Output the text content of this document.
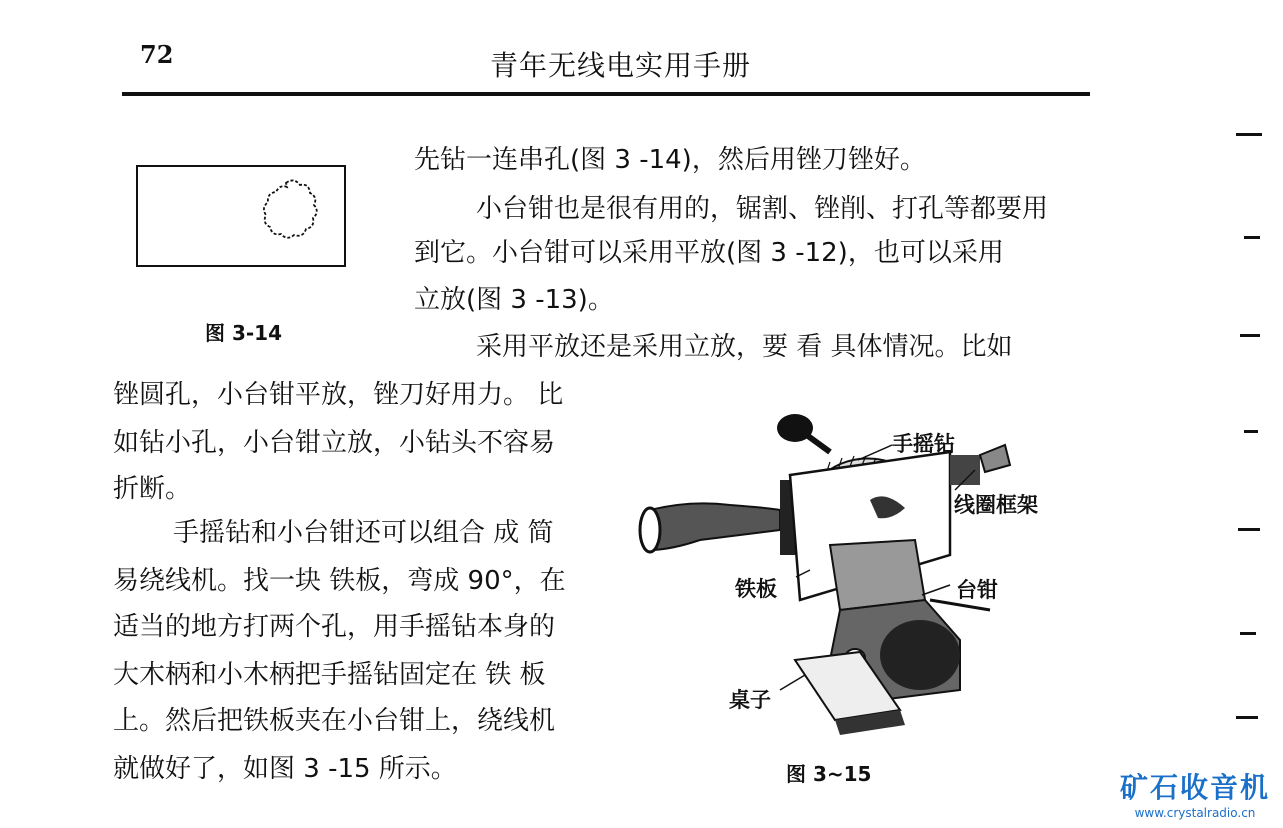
72	青年无线电实用手册
图 3-14
先钻一连串孔(图 3 -14)，然后用锉刀锉好。
小台钳也是很有用的，锯割、锉削、打孔等都要用
到它。小台钳可以采用平放(图 3 -12)，也可以采用
立放(图 3 -13)。
采用平放还是采用立放，要 看 具体情况。比如
锉圆孔，小台钳平放，锉刀好用力。 比
如钻小孔，小台钳立放，小钻头不容易
折断。
手摇钻和小台钳还可以组合 成 简
易绕线机。找一块 铁板，弯成 90°，在
适当的地方打两个孔，用手摇钻本身的
大木柄和小木柄把手摇钻固定在 铁 板
上。然后把铁板夹在小台钳上，绕线机
就做好了，如图 3 -15 所示。
手摇钻
线圈框架
铁板	台钳
桌子
图 3~15	矿石收音机
www.crystalradio.cn
